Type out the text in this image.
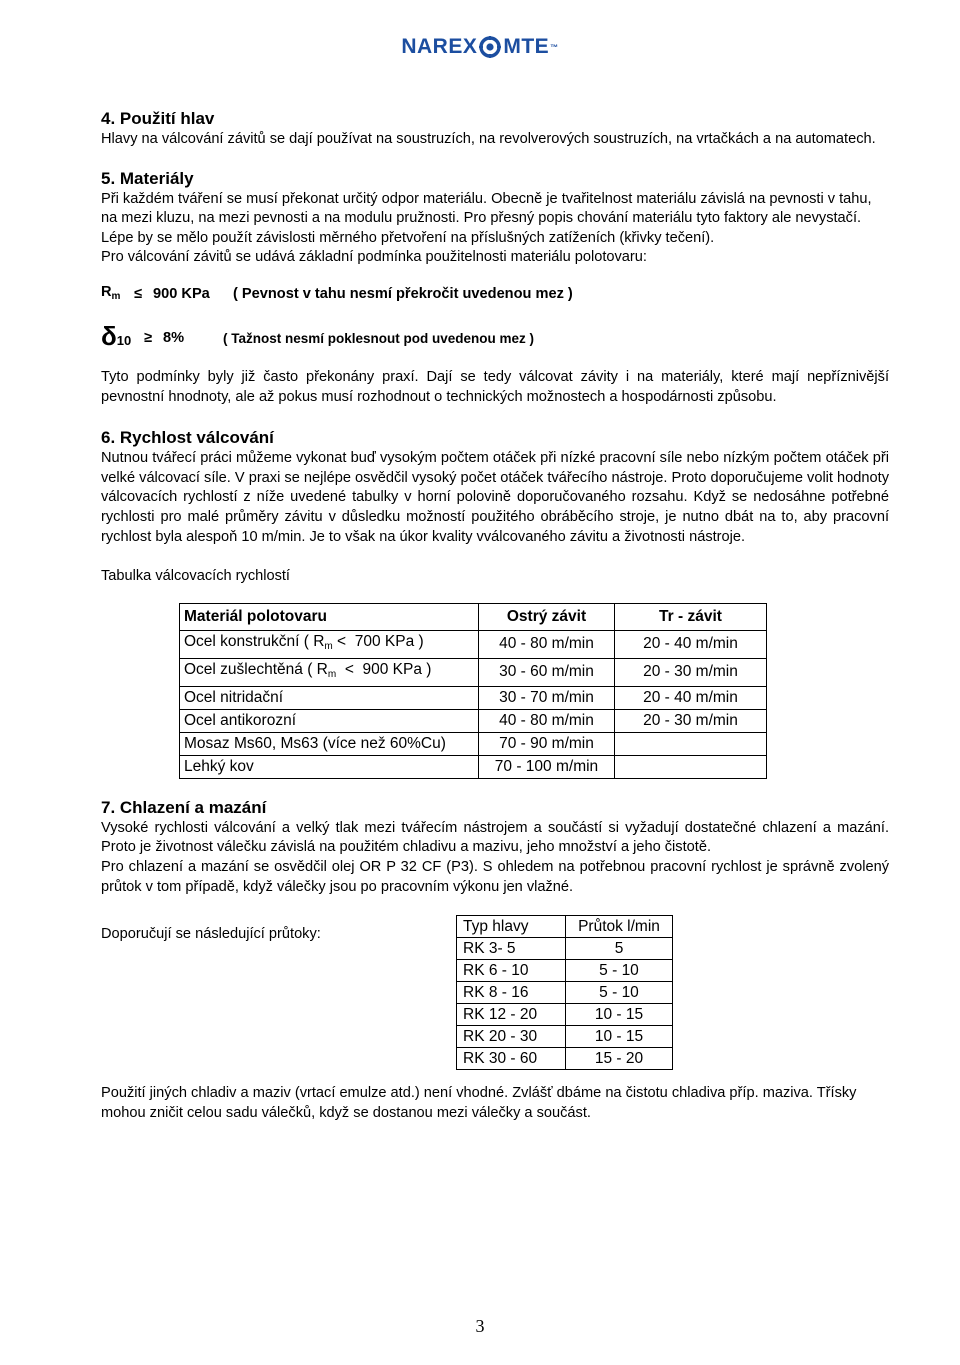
NAREX MTE ™
4. Použití hlav

Hlavy na válcování závitů se dají používat na soustruzích, na revolverových soustruzích, na vrtačkách a na automatech.

5. Materiály

Při každém tváření se musí překonat určitý odpor materiálu. Obecně je tvařitelnost materiálu závislá na pevnosti v tahu, na mezi kluzu, na mezi pevnosti a na modulu pružnosti. Pro přesný popis chování materiálu tyto faktory ale nevystačí. Lépe by se mělo použít závislosti měrného přetvoření na příslušných zatíženích (křivky tečení).

Pro válcování závitů se udává základní podmínka použitelnosti materiálu polotovaru:

$R_m \le 900$ KPa	( Pevnost v tahu nesmí překročit uvedenou mez )
δ10 ≥ 8%	( Tažnost nesmí poklesnout pod uvedenou mez )

Tyto podmínky byly již často překonány praxí. Dají se tedy válcovat závity i na materiály, které mají nepříznivější pevnostní hnodnoty, ale až pokus musí rozhodnout o technických možnostech a hospodárnosti způsobu.

6. Rychlost válcování

Nutnou tvářecí práci můžeme vykonat buď vysokým počtem otáček při nízké pracovní síle nebo nízkým počtem otáček při velké válcovací síle. V praxi se nejlépe osvědčil vysoký počet otáček tvářecího nástroje. Proto doporučujeme volit hodnoty válcovacích rychlostí z níže uvedené tabulky v horní polovině doporučovaného rozsahu. Když se nedosáhne potřebné rychlosti pro malé průměry závitu v důsledku možností použitého obráběcího stroje, je nutno dbát na to, aby pracovní rychlost byla alespoň 10 m/min. Je to však na úkor kvality vválcovaného závitu a životnosti nástroje.

Tabulka válcovacích rychlostí

Materiál polotovaru	Ostrý závit	Tr - závit
Ocel konstrukční ( $R_m < 700$ KPa )	40 - 80 m/min	20 - 40 m/min
Ocel zušlechtěná ( $R_m < 900$ KPa )	30 - 60 m/min	20 - 30 m/min
Ocel nitridační	30 - 70 m/min	20 - 40 m/min
Ocel antikorozní	40 - 80 m/min	20 - 30 m/min
Mosaz Ms60, Ms63 (více než 60%Cu)	70 - 90 m/min	
Lehký kov	70 - 100 m/min	
7. Chlazení a mazání

Vysoké rychlosti válcování a velký tlak mezi tvářecím nástrojem a součástí si vyžadují dostatečné chlazení a mazání. Proto je životnost válečku závislá na použitém chladivu a mazivu, jeho množství a jeho čistotě.

Pro chlazení a mazání se osvědčil olej OR P 32 CF (P3). S ohledem na potřebnou pracovní rychlost je správně zvolený průtok v tom případě, když válečky jsou po pracovním výkonu jen vlažné.

Doporučují se následující průtoky:	Typ hlavy	Průtok l/min
RK 3- 5	5
RK 6 - 10	5 - 10
RK 8 - 16	5 - 10
RK 12 - 20	10 - 15
RK 20 - 30	10 - 15
RK 30 - 60	15 - 20

Použití jiných chladiv a maziv (vrtací emulze atd.) není vhodné. Zvlášť dbáme na čistotu chladiva příp. maziva. Třísky mohou zničit celou sadu válečků, když se dostanou mezi válečky a součást.

3
